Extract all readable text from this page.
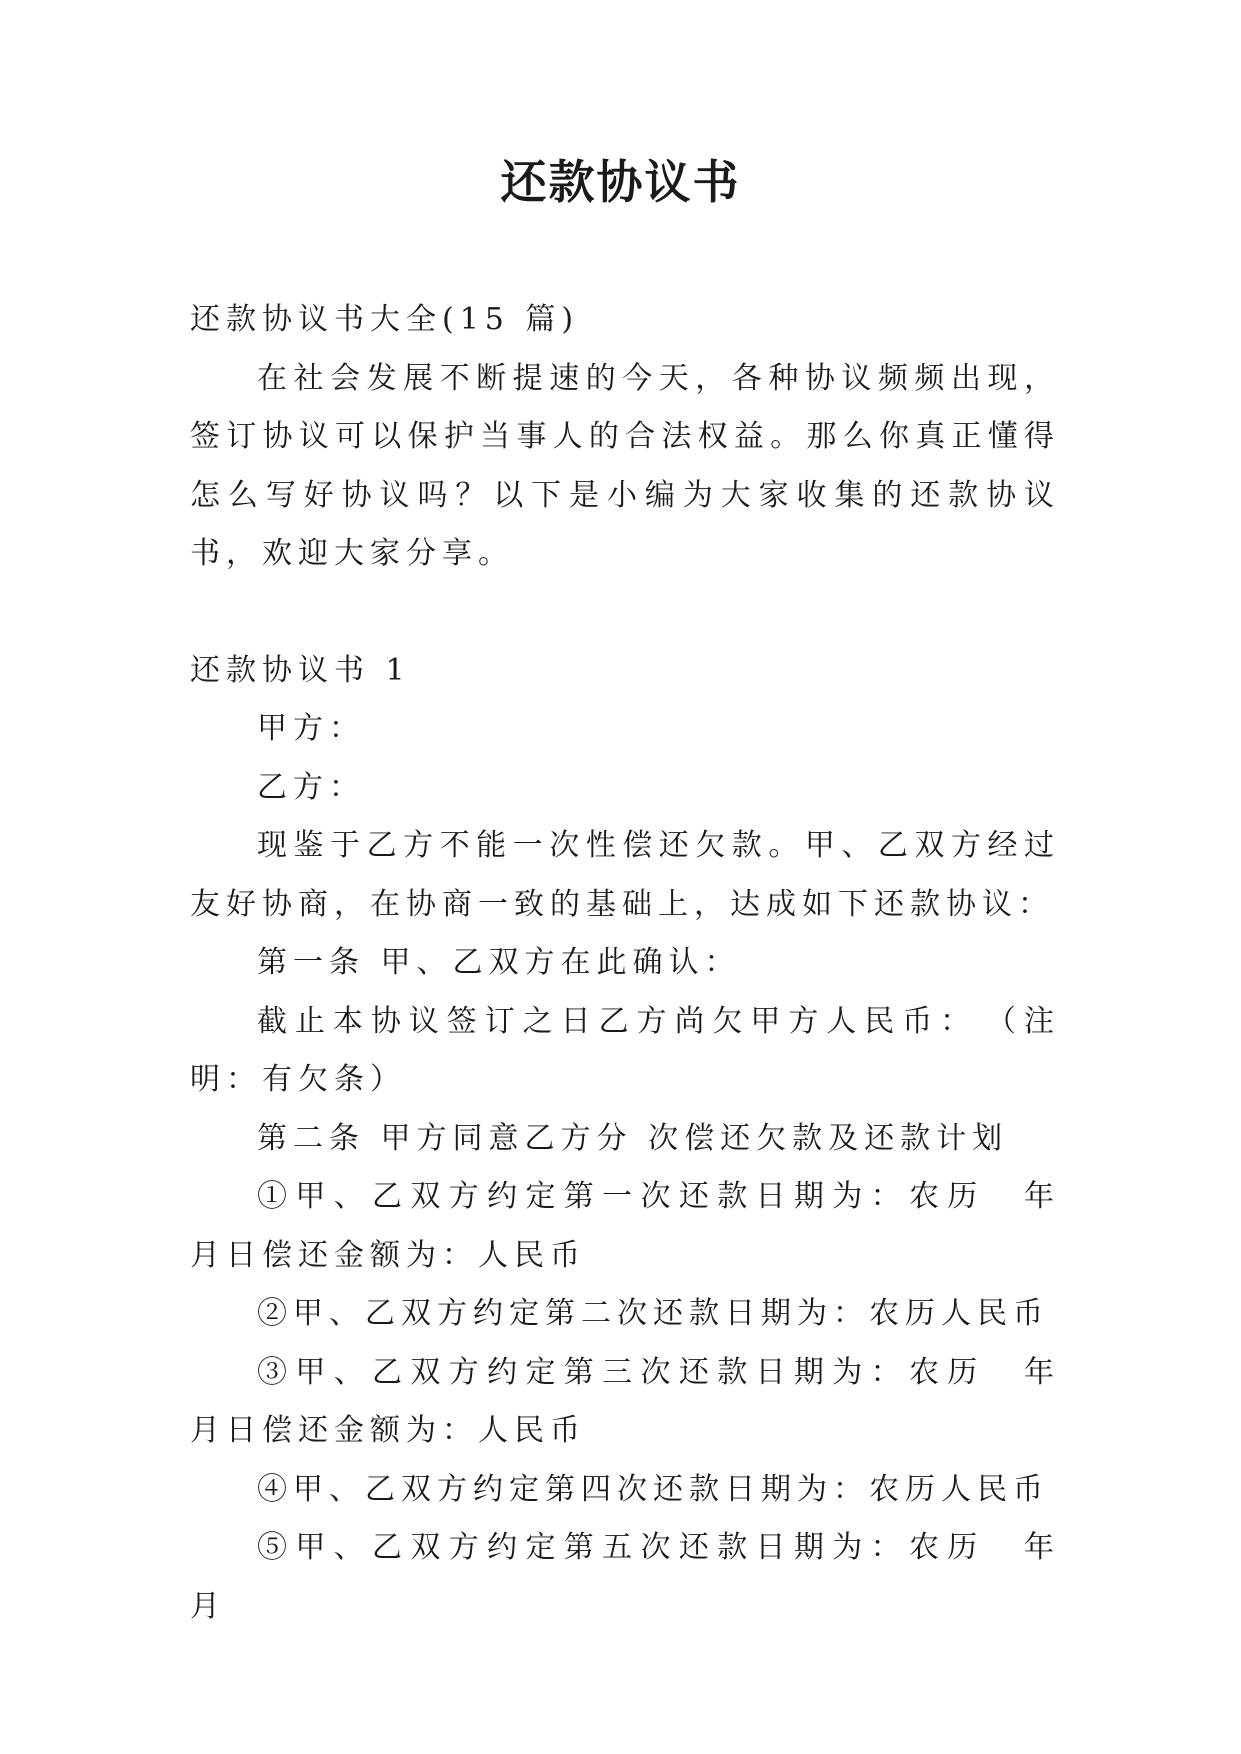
还款协议书

还款协议书大全(15 篇)

在社会发展不断提速的今天，各种协议频频出现，签订协议可以保护当事人的合法权益。那么你真正懂得怎么写好协议吗？以下是小编为大家收集的还款协议书，欢迎大家分享。

还款协议书 1

甲方：

乙方：

现鉴于乙方不能一次性偿还欠款。甲、乙双方经过友好协商，在协商一致的基础上，达成如下还款协议：

第一条 甲、乙双方在此确认：

截止本协议签订之日乙方尚欠甲方人民币：　（注明：有欠条）

第二条 甲方同意乙方分 次偿还欠款及还款计划

①甲、乙双方约定第一次还款日期为：农历　年　月日偿还金额为：人民币

②甲、乙双方约定第二次还款日期为：农历人民币

③甲、乙双方约定第三次还款日期为：农历　年　月日偿还金额为：人民币

④甲、乙双方约定第四次还款日期为：农历人民币

⑤甲、乙双方约定第五次还款日期为：农历　年　月
